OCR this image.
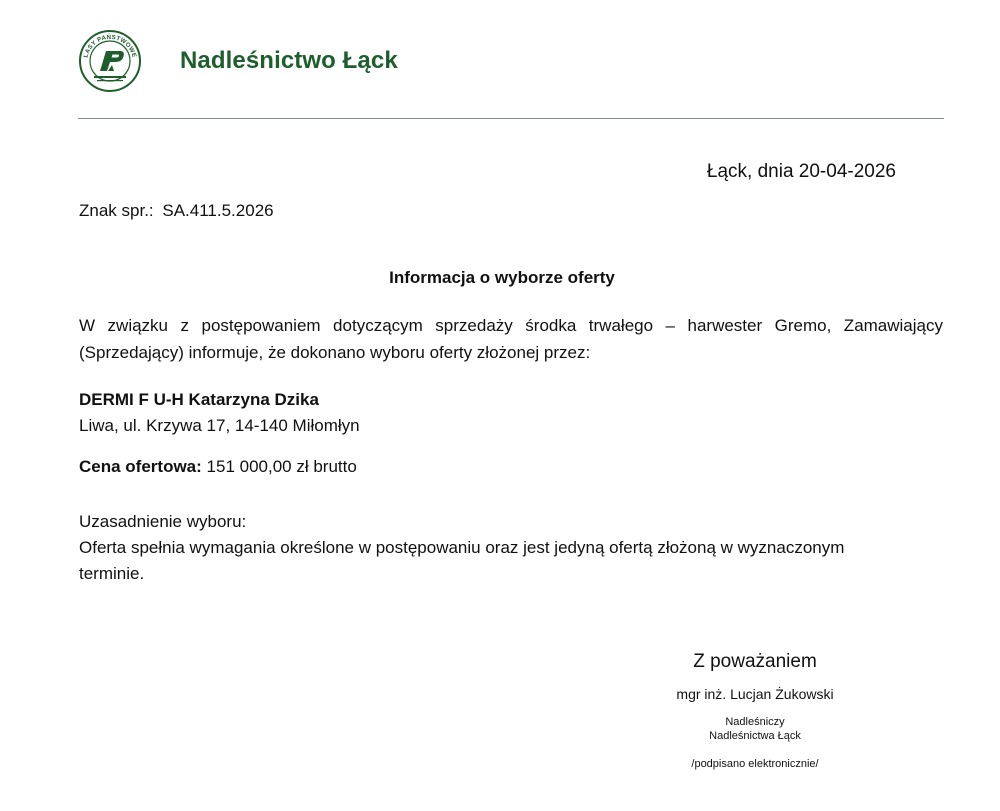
LASY PAŃSTWOWE Nadleśnictwo Łąck
Łąck, dnia 20-04-2026
Znak spr.: SA.411.5.2026
Informacja o wyborze oferty
W związku z postępowaniem dotyczącym sprzedaży środka trwałego – harwester Gremo, Zamawiający (Sprzedający) informuje, że dokonano wyboru oferty złożonej przez:
DERMI F U-H Katarzyna Dzika
Liwa, ul. Krzywa 17, 14-140 Miłomłyn
Cena ofertowa: 151 000,00 zł brutto
Uzasadnienie wyboru:
Oferta spełnia wymagania określone w postępowaniu oraz jest jedyną ofertą złożoną w wyznaczonym terminie.
Z poważaniem
mgr inż. Lucjan Żukowski
Nadleśniczy
Nadleśnictwa Łąck
/podpisano elektronicznie/
